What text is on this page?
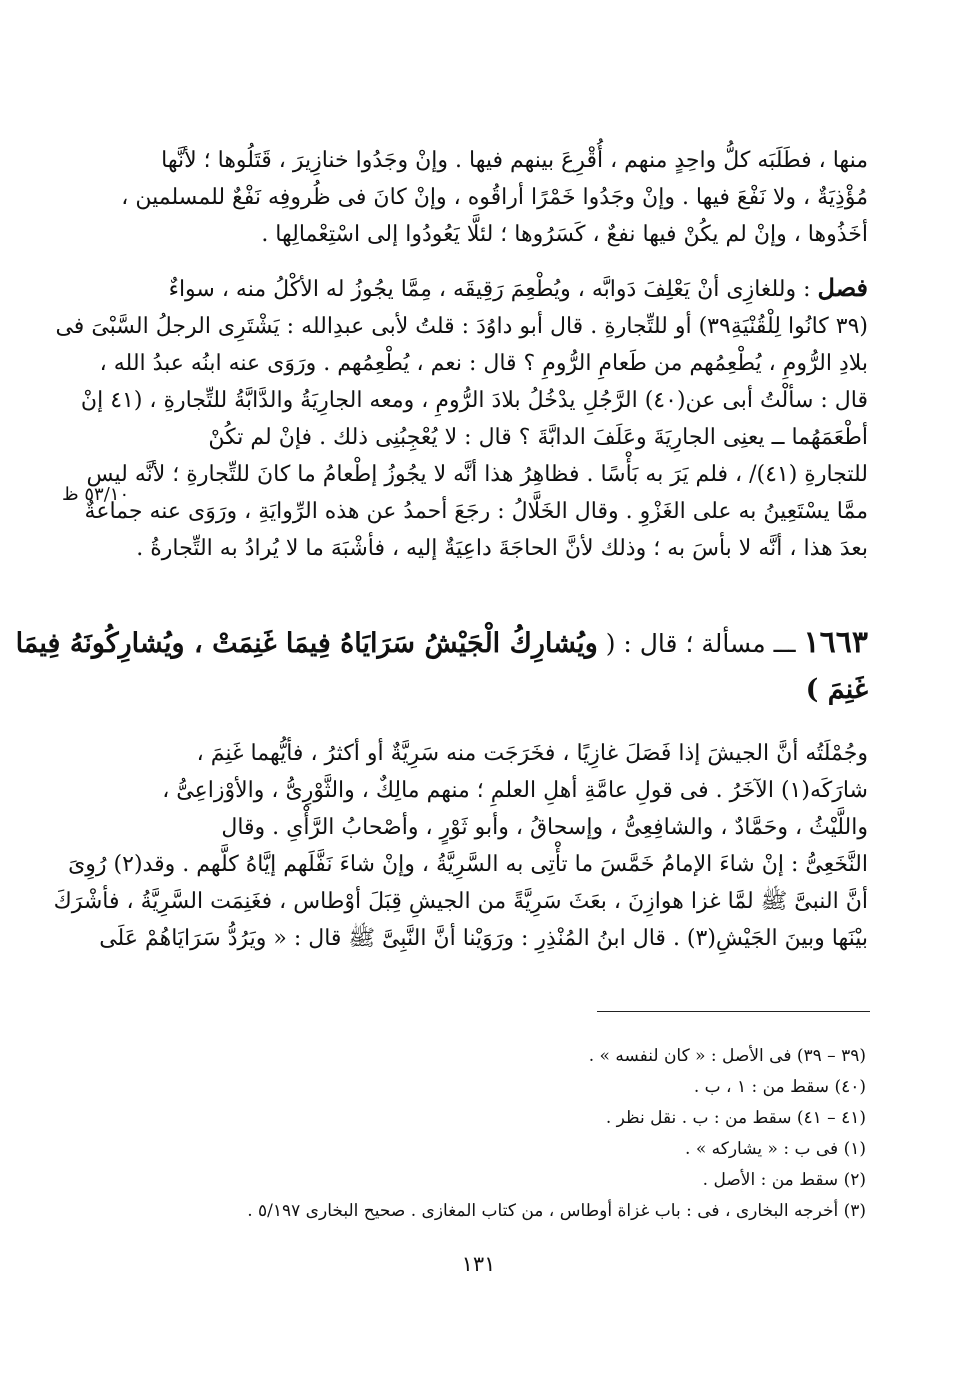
منها ، فطَلَبَه كلُّ واحِدٍ منهم ، أُقْرِعَ بينهم فيها . وإنْ وجَدُوا خنازِيرَ ، قَتَلُوها ؛ لأنَّها
مُؤْذِيَةٌ ، ولا نَفْعَ فيها . وإنْ وجَدُوا خَمْرًا أراقُوه ، وإنْ كانَ فى ظُروفِه نَفْعٌ للمسلمين ،
أخَذُوها ، وإنْ لم يكُنْ فيها نفعٌ ، كَسَرُوها ؛ لئلَّا يَعُودُوا إلى اسْتِعْمالِها .
فصل : وللغازِى أنْ يَعْلِفَ دَوابَّه ، ويُطْعِمَ رَقِيقَه ، مِمَّا يجُوزُ له الأكْلُ منه ، سواءٌ
(٣٩ كانُوا لِلْقُنْيَةِ٣٩) أو للتِّجارةِ . قال أبو داوُدَ : قلتُ لأبى عبدِالله : يَشْتَرِى الرجلُ السَّبْىَ فى
بلادِ الرُّومِ ، يُطْعِمُهم من طَعامِ الرُّومِ ؟ قال : نعم ، يُطْعِمُهم . ورَوَى عنه ابنُه عبدُ الله ،
قال : سألْتُ أبى عن(٤٠) الرَّجُلِ يدْخُلُ بلادَ الرُّومِ ، ومعه الجارِيَةُ والدَّابَّةُ للتِّجارةِ ، (٤١ إنْ
أطْعَمَهُما ــ يعنِى الجارِيَةَ وعَلَفَ الدابَّةَ ؟ قال : لا يُعْجِبُنِى ذلك . فإنْ لم تكُنْ
للتجارةِ (٤١)/ ، فلم يَرَ به بَأْسًا . فظاهِرُ هذا أنَّه لا يجُوزُ إطْعامُ ما كانَ للتِّجارةِ ؛ لأنَّه ليس
ممَّا يسْتَعِينُ به على الغَزْوِ . وقال الخَلَّالُ : رجَعَ أحمدُ عن هذه الرِّوايَةِ ، ورَوَى عنه جماعةٌ
بعدَ هذا ، أنَّه لا بأسَ به ؛ وذلك لأنَّ الحاجَةَ داعِيَةٌ إليه ، فأشْبَهَ ما لا يُرادُ به التِّجارةُ .
٥٣/١٠ ظ
١٦٦٣ ـــ مسألة ؛ قال : ( ويُشارِكُ الْجَيْشُ سَرَايَاهُ فِيمَا غَنِمَتْ ، ويُشارِكُونَهُ فِيمَا
غَنِمَ )
وجُمْلَتُه أنَّ الجيشَ إذا فَصَلَ غازِيًا ، فخَرَجَت منه سَرِيَّةٌ أو أكثرُ ، فأيُّهما غَنِمَ ،
شارَكَه(١) الآخَرُ . فى قولِ عامَّةِ أهلِ العلمِ ؛ منهم مالِكٌ ، والثَّوْرِىُّ ، والأوْزاعِىُّ ،
واللَّيْثُ ، وحَمَّادٌ ، والشافِعِىُّ ، وإسحاقُ ، وأبو ثَوْرٍ ، وأصْحابُ الرَّأْىِ . وقال
النَّخَعِىُّ : إنْ شاءَ الإمامُ خَمَّسَ ما تأْتِى به السَّرِيَّةُ ، وإنْ شاءَ نَفَّلَهم إيَّاهُ كلَّهم . وقد(٢) رُوِىَ
أنَّ النبىَّ ﷺ لمَّا غزا هوازِنَ ، بعَثَ سَرِيَّةً من الجيشِ قِبَلَ أوْطاس ، فغَنِمَت السَّرِيَّةُ ، فأشْرَكَ
بيْنَها وبينَ الجَيْشِ(٣) . قال ابنُ المُنْذِرِ : ورَوَيْنا أنَّ النَّبِىَّ ﷺ قال : « ويَرُدُّ سَرَايَاهُمْ عَلَى
(٣٩ – ٣٩) فى الأصل : « كان لنفسه » .
(٤٠) سقط من : ١ ، ب .
(٤١ – ٤١) سقط من : ب . نقل نظر .
(١) فى ب : « يشاركه » .
(٢) سقط من : الأصل .
(٣) أخرجه البخارى ، فى : باب غزاة أوطاس ، من كتاب المغازى . صحيح البخارى ٥/١٩٧ .
١٣١
